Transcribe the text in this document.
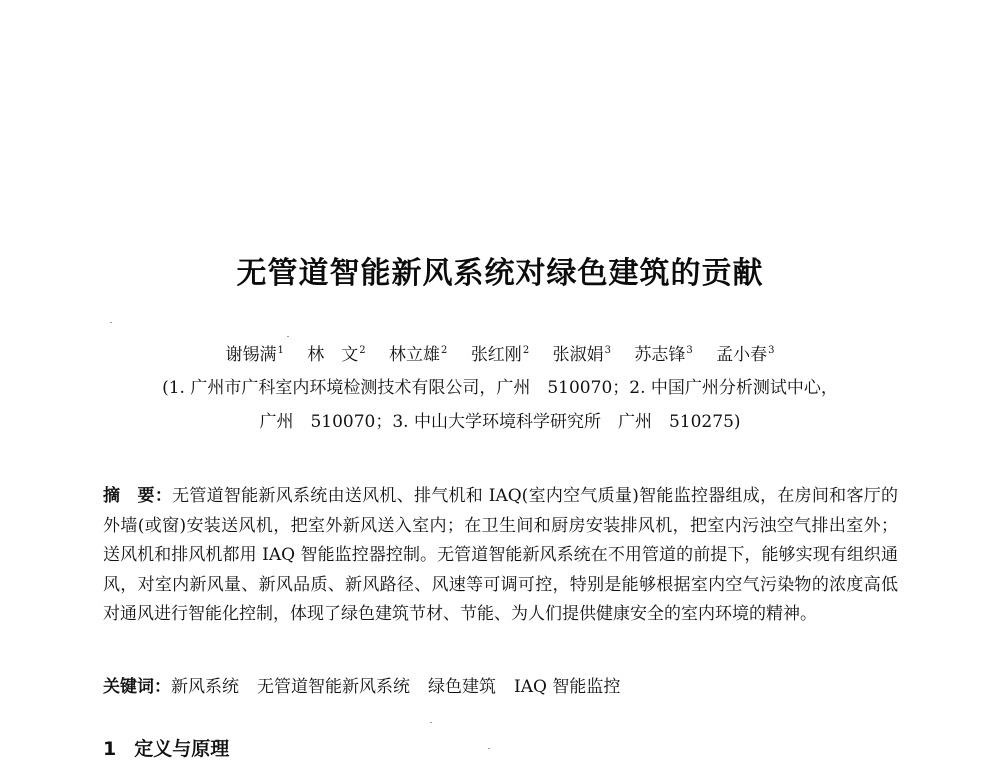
无管道智能新风系统对绿色建筑的贡献
谢锡满$^1$ 林　文$^2$ 林立雄$^2$ 张红刚$^2$ 张淑娟$^3$ 苏志锋$^3$ 孟小春$^3$
(1. 广州市广科室内环境检测技术有限公司，广州　510070；2. 中国广州分析测试中心，
广州　510070；3. 中山大学环境科学研究所　广州　510275)
摘　要：无管道智能新风系统由送风机、排气机和 IAQ(室内空气质量)智能监控器组成，在房间和客厅的外墙(或窗)安装送风机，把室外新风送入室内；在卫生间和厨房安装排风机，把室内污浊空气排出室外；送风机和排风机都用 IAQ 智能监控器控制。无管道智能新风系统在不用管道的前提下，能够实现有组织通风，对室内新风量、新风品质、新风路径、风速等可调可控，特别是能够根据室内空气污染物的浓度高低对通风进行智能化控制，体现了绿色建筑节材、节能、为人们提供健康安全的室内环境的精神。
关键词：新风系统 无管道智能新风系统 绿色建筑 IAQ 智能监控
1 定义与原理
